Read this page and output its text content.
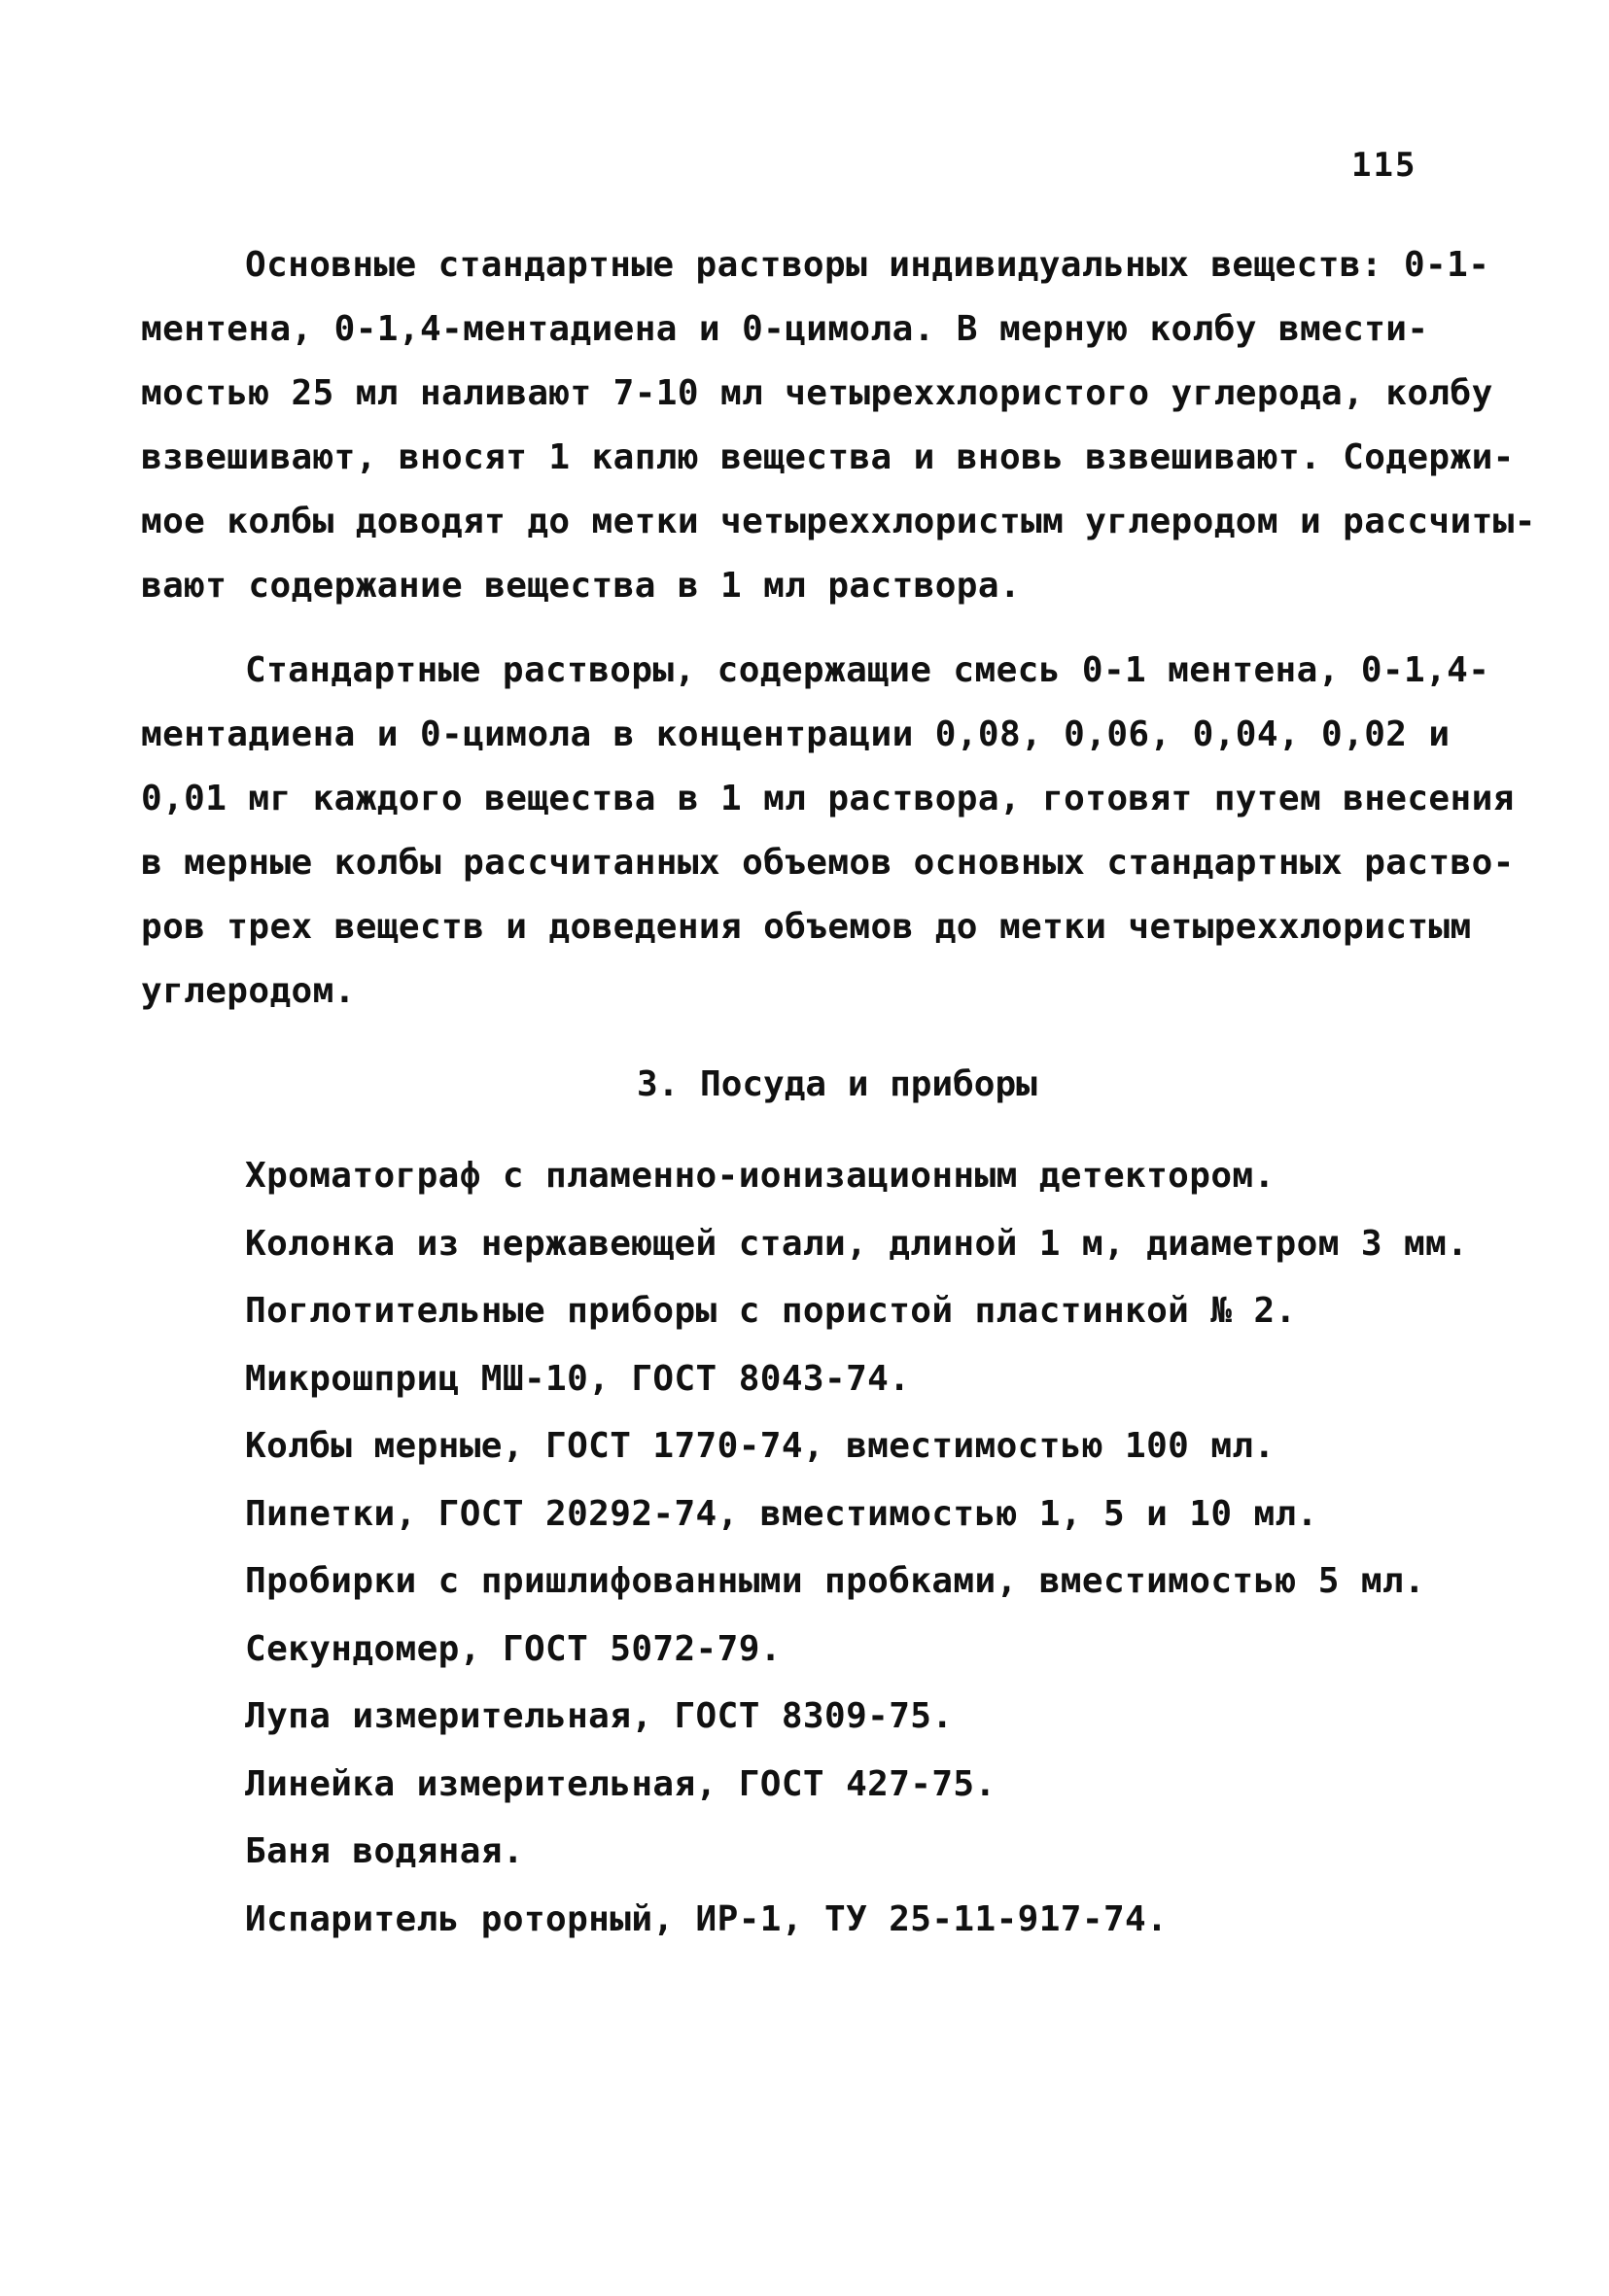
115
Основные стандартные растворы индивидуальных веществ: 0-1-
ментена, 0-1,4-ментадиена и 0-цимола. В мерную колбу вмести-
мостью 25 мл наливают 7-10 мл четыреххлористого углерода, колбу
взвешивают, вносят 1 каплю вещества и вновь взвешивают. Содержи-
мое колбы доводят до метки четыреххлористым углеродом и рассчиты-
вают содержание вещества в 1 мл раствора.
Стандартные растворы, содержащие смесь 0-1 ментена, 0-1,4-
ментадиена и 0-цимола в концентрации 0,08, 0,06, 0,04, 0,02 и
0,01 мг каждого вещества в 1 мл раствора, готовят путем внесения
в мерные колбы рассчитанных объемов основных стандартных раство-
ров трех веществ и доведения объемов до метки четыреххлористым
углеродом.
3. Посуда и приборы
Хроматограф с пламенно-ионизационным детектором.
Колонка из нержавеющей стали, длиной 1 м, диаметром 3 мм.
Поглотительные приборы с пористой пластинкой № 2.
Микрошприц МШ-10, ГОСТ 8043-74.
Колбы мерные, ГОСТ 1770-74, вместимостью 100 мл.
Пипетки, ГОСТ 20292-74, вместимостью 1, 5 и 10 мл.
Пробирки с пришлифованными пробками, вместимостью 5 мл.
Секундомер, ГОСТ 5072-79.
Лупа измерительная, ГОСТ 8309-75.
Линейка измерительная, ГОСТ 427-75.
Баня водяная.
Испаритель роторный, ИР-1, ТУ 25-11-917-74.
